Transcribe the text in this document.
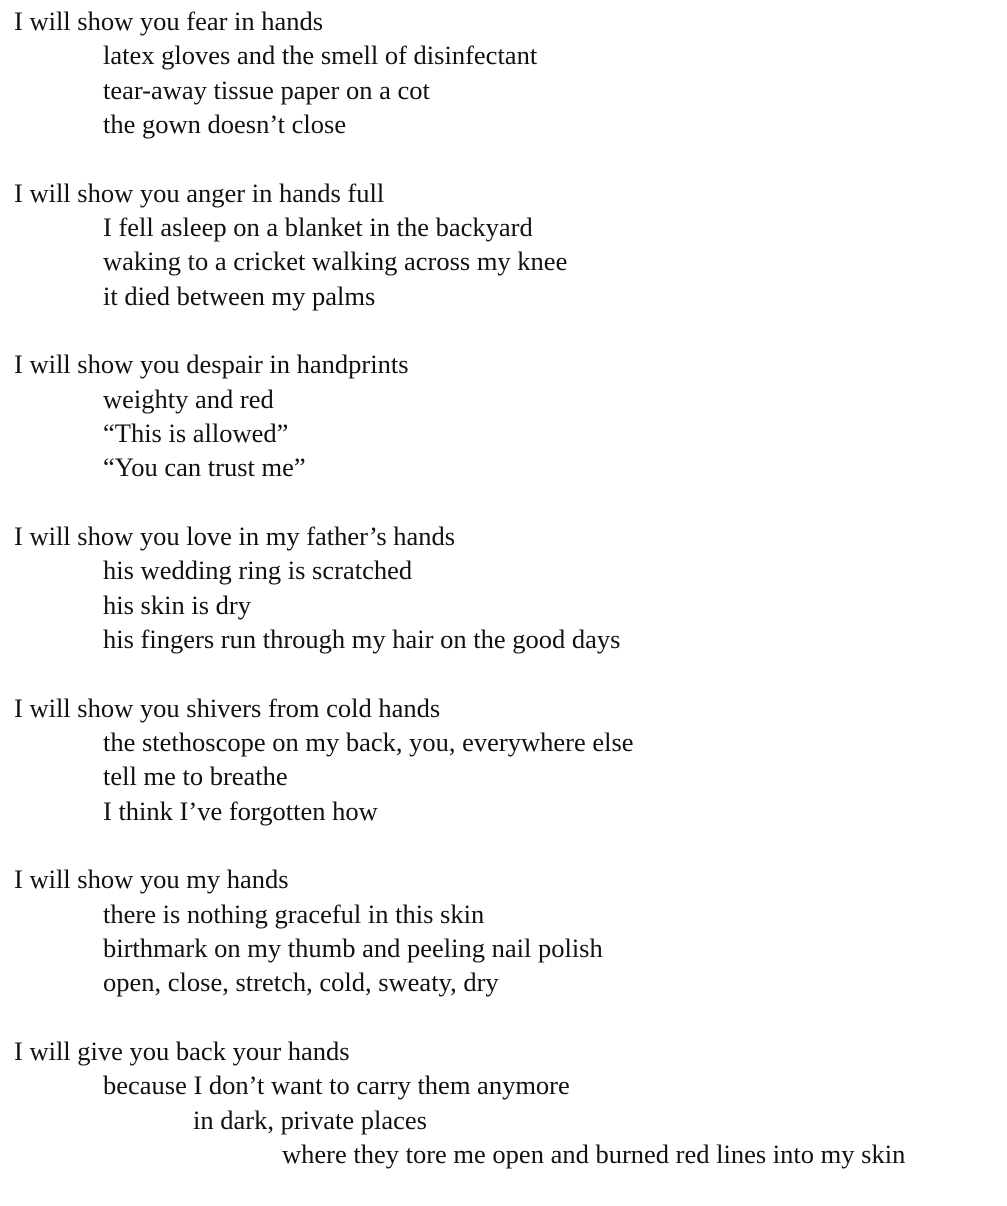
I will show you fear in hands
latex gloves and the smell of disinfectant
tear-away tissue paper on a cot
the gown doesn’t close
I will show you anger in hands full
I fell asleep on a blanket in the backyard
waking to a cricket walking across my knee
it died between my palms
I will show you despair in handprints
weighty and red
“This is allowed”
“You can trust me”
I will show you love in my father’s hands
his wedding ring is scratched
his skin is dry
his fingers run through my hair on the good days
I will show you shivers from cold hands
the stethoscope on my back, you, everywhere else
tell me to breathe
I think I’ve forgotten how
I will show you my hands
there is nothing graceful in this skin
birthmark on my thumb and peeling nail polish
open, close, stretch, cold, sweaty, dry
I will give you back your hands
because I don’t want to carry them anymore
in dark, private places
where they tore me open and burned red lines into my skin
